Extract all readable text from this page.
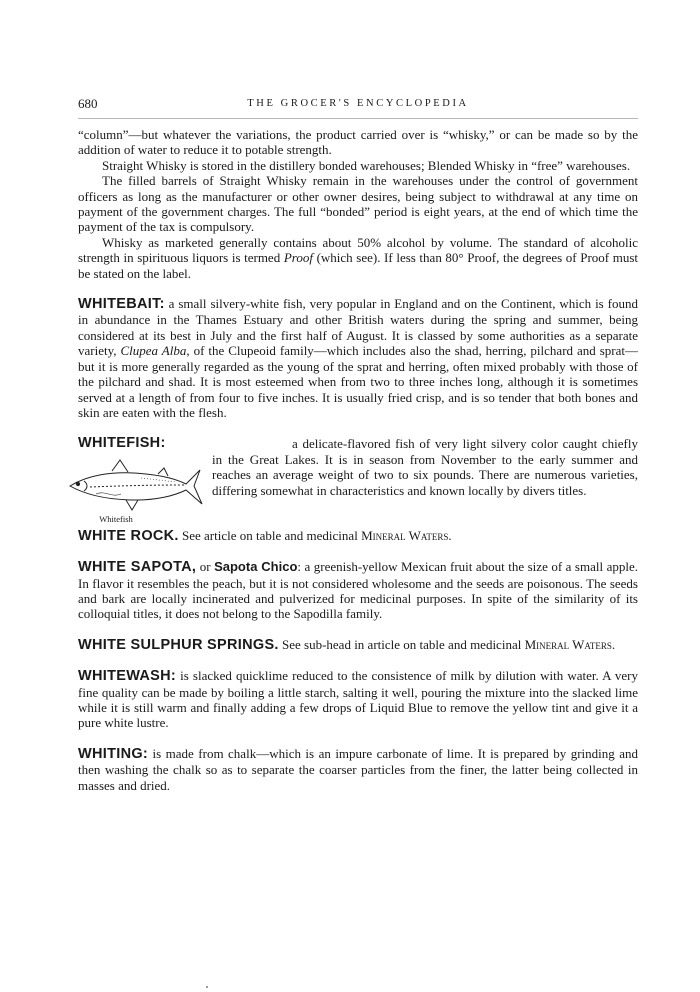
680	THE GROCER'S ENCYCLOPEDIA

“column”—but whatever the variations, the product carried over is “whisky,” or can be made so by the addition of water to reduce it to potable strength.

Straight Whisky is stored in the distillery bonded warehouses; Blended Whisky in “free” warehouses.

The filled barrels of Straight Whisky remain in the warehouses under the control of government officers as long as the manufacturer or other owner desires, being subject to withdrawal at any time on payment of the government charges. The full “bonded” period is eight years, at the end of which time the payment of the tax is compulsory.

Whisky as marketed generally contains about 50% alcohol by volume. The standard of alcoholic strength in spirituous liquors is termed Proof (which see). If less than 80° Proof, the degrees of Proof must be stated on the label.

WHITEBAIT: a small silvery-white fish, very popular in England and on the Continent, which is found in abundance in the Thames Estuary and other British waters during the spring and summer, being considered at its best in July and the first half of August. It is classed by some authorities as a separate variety, Clupea Alba, of the Clupeoid family—which includes also the shad, herring, pilchard and sprat—but it is more generally regarded as the young of the sprat and herring, often mixed probably with those of the pilchard and shad. It is most esteemed when from two to three inches long, although it is sometimes served at a length of from four to five inches. It is usually fried crisp, and is so tender that both bones and skin are eaten with the flesh.

WHITEFISH:

Whitefish

a delicate-flavored fish of very light silvery color caught chiefly in the Great Lakes. It is in season from November to the early summer and reaches an average weight of two to six pounds. There are numerous varieties, differing somewhat in characteristics and known locally by divers titles.

WHITE ROCK. See article on table and medicinal Mineral Waters.

WHITE SAPOTA, or Sapota Chico: a greenish-yellow Mexican fruit about the size of a small apple. In flavor it resembles the peach, but it is not considered wholesome and the seeds are poisonous. The seeds and bark are locally incinerated and pulverized for medicinal purposes. In spite of the similarity of its colloquial titles, it does not belong to the Sapodilla family.

WHITE SULPHUR SPRINGS. See sub-head in article on table and medicinal Mineral Waters.

WHITEWASH: is slacked quicklime reduced to the consistence of milk by dilution with water. A very fine quality can be made by boiling a little starch, salting it well, pouring the mixture into the slacked lime while it is still warm and finally adding a few drops of Liquid Blue to remove the yellow tint and give it a pure white lustre.

WHITING: is made from chalk—which is an impure carbonate of lime. It is prepared by grinding and then washing the chalk so as to separate the coarser particles from the finer, the latter being collected in masses and dried.
